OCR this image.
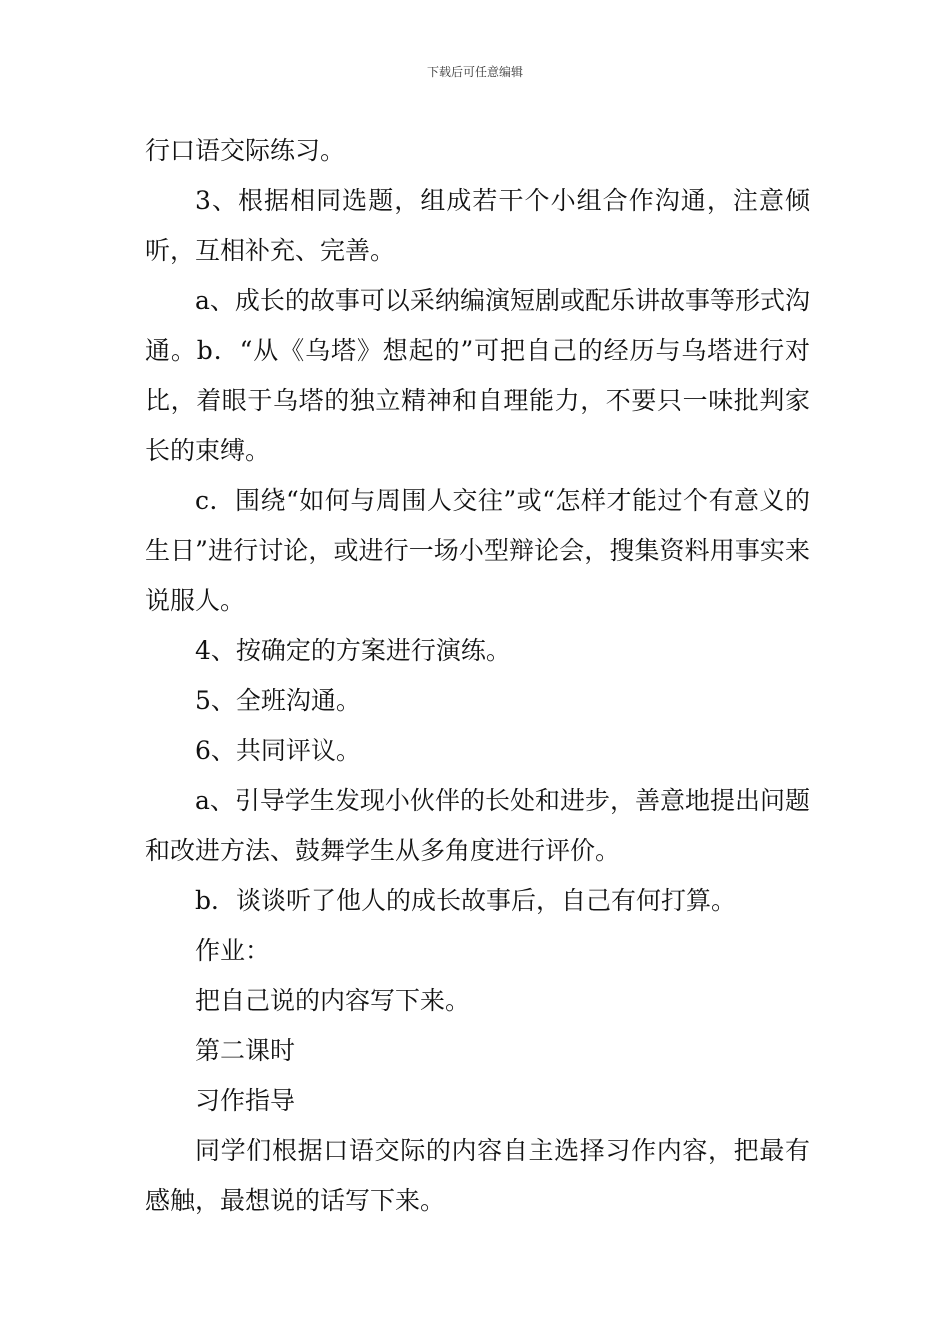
下载后可任意编辑

行口语交际练习。

3、根据相同选题，组成若干个小组合作沟通，注意倾听，互相补充、完善。

a、成长的故事可以采纳编演短剧或配乐讲故事等形式沟通。b．“从《乌塔》想起的”可把自己的经历与乌塔进行对比，着眼于乌塔的独立精神和自理能力，不要只一味批判家长的束缚。

c．围绕“如何与周围人交往”或“怎样才能过个有意义的生日”进行讨论，或进行一场小型辩论会，搜集资料用事实来说服人。

4、按确定的方案进行演练。

5、全班沟通。

6、共同评议。

a、引导学生发现小伙伴的长处和进步，善意地提出问题和改进方法、鼓舞学生从多角度进行评价。

b．谈谈听了他人的成长故事后，自己有何打算。

作业：

把自己说的内容写下来。

第二课时

习作指导

同学们根据口语交际的内容自主选择习作内容，把最有感触，最想说的话写下来。
